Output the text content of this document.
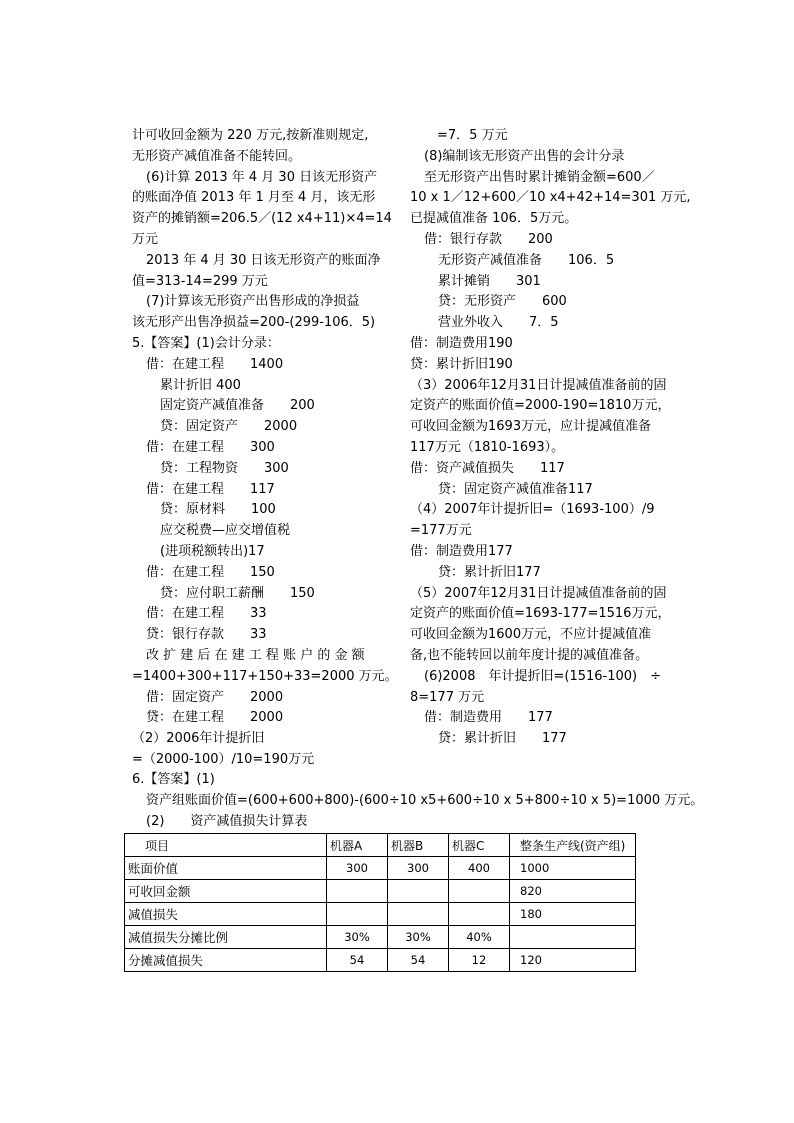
计可收回金额为 220 万元,按新准则规定,
无形资产减值准备不能转回。
(6)计算 2013 年 4 月 30 日该无形资产
的账面净值 2013 年 1 月至 4 月，该无形
资产的摊销额=206.5／(12 x4+11)×4=14
万元
2013 年 4 月 30 日该无形资产的账面净
值=313-14=299 万元
(7)计算该无形资产出售形成的净损益
该无形产出售净损益=200-(299-106．5)
5.【答案】(1)会计分录：
借：在建工程　　1400
累计折旧 400
固定资产减值准备　　200
贷：固定资产　　2000
借：在建工程　　300
贷：工程物资　　300
借：在建工程　　117
贷：原材料　　100
应交税费—应交增值税
(进项税额转出)17
借：在建工程　　150
贷：应付职工薪酬　　150
借：在建工程　　33
贷：银行存款　　33
改 扩 建 后 在 建 工 程 账 户 的 金 额
=1400+300+117+150+33=2000 万元。
借：固定资产　　2000
贷：在建工程　　2000
（2）2006年计提折旧
=（2000-100）/10=190万元
　=7．5 万元
(8)编制该无形资产出售的会计分录
至无形资产出售时累计摊销金额=600／
10 x 1／12+600／10 x4+42+14=301 万元,
已提减值准备 106．5万元。
借：银行存款　　200
无形资产减值准备　　106．5
累计摊销　　301
贷：无形资产　　600
营业外收入　　7．5
借：制造费用190
贷：累计折旧190
（3）2006年12月31日计提减值准备前的固
定资产的账面价值=2000-190=1810万元，
可收回金额为1693万元，应计提减值准备
117万元（1810-1693）。
借：资产减值损失　　117
贷：固定资产减值准备117
（4）2007年计提折旧=（1693-100）/9
=177万元
借：制造费用177
贷：累计折旧177
（5）2007年12月31日计提减值准备前的固
定资产的账面价值=1693-177=1516万元，
可收回金额为1600万元，不应计提减值准
备,也不能转回以前年度计提的减值准备。
(6)2008　年计提折旧=(1516-100)　÷
8=177 万元
借：制造费用　　177
贷：累计折旧　　177
6.【答案】(1)
资产组账面价值=(600+600+800)-(600÷10 x5+600÷10 x 5+800÷10 x 5)=1000 万元。
(2)　　资产减值损失计算表
项目	机器A	机器B	机器C	整条生产线(资产组)
账面价值	300	300	400	1000
可收回金额				820
减值损失				180
减值损失分摊比例	30%	30%	40%	
分摊减值损失	54	54	12	120
